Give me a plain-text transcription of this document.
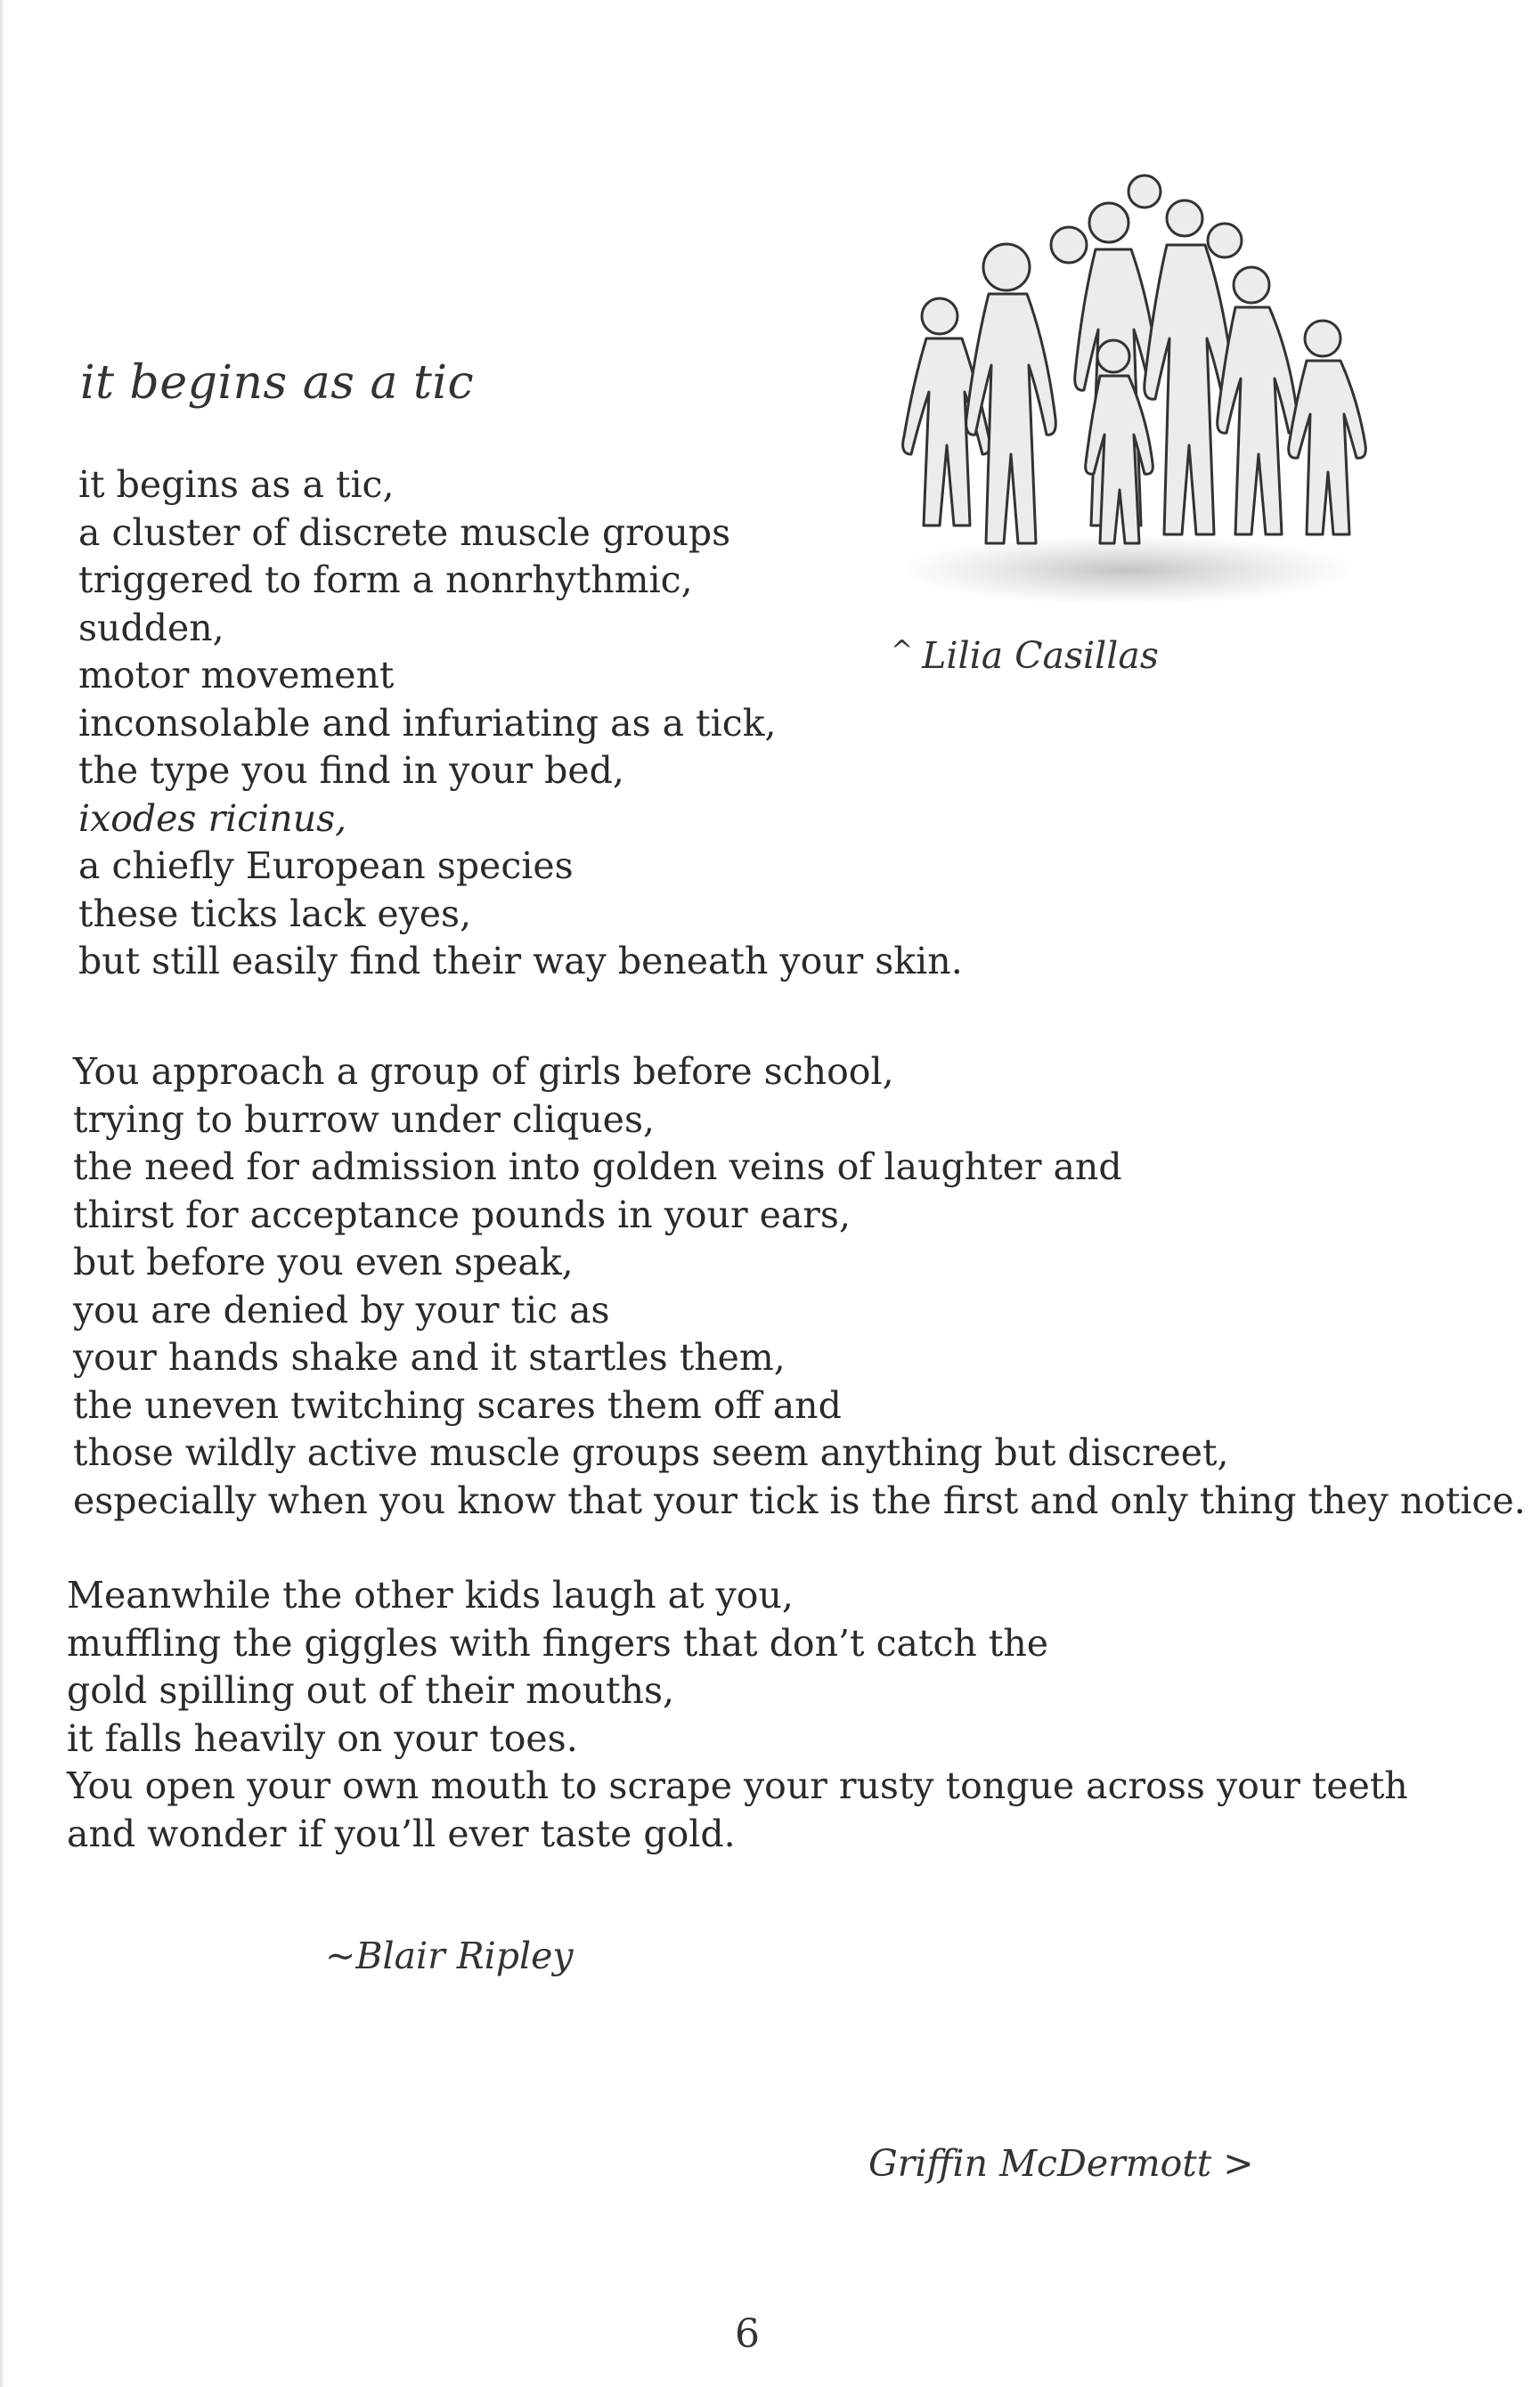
it begins as a tic
it begins as a tic,
a cluster of discrete muscle groups
triggered to form a nonrhythmic,
sudden,
motor movement
inconsolable and infuriating as a tick,
the type you find in your bed,
ixodes ricinus,
a chiefly European species
these ticks lack eyes,
but still easily find their way beneath your skin.
You approach a group of girls before school,
trying to burrow under cliques,
the need for admission into golden veins of laughter and
thirst for acceptance pounds in your ears,
but before you even speak,
you are denied by your tic as
your hands shake and it startles them,
the uneven twitching scares them off and
those wildly active muscle groups seem anything but discreet,
especially when you know that your tick is the first and only thing they notice.
Meanwhile the other kids laugh at you,
muffling the giggles with fingers that don’t catch the
gold spilling out of their mouths,
it falls heavily on your toes.
You open your own mouth to scrape your rusty tongue across your teeth
and wonder if you’ll ever taste gold.
^ Lilia Casillas
~Blair Ripley
Griffin McDermott >
6
